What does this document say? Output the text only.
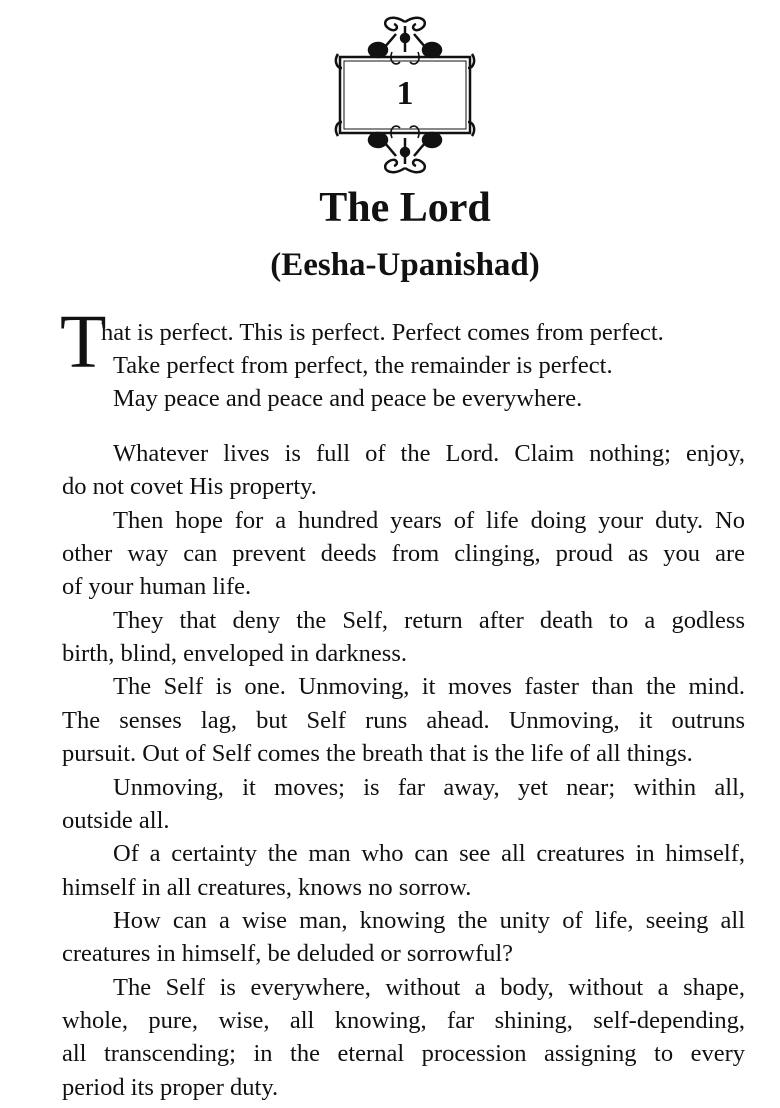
1
The Lord
(Eesha-Upanishad)
T
hat is perfect. This is perfect. Perfect comes from perfect.
Take perfect from perfect, the remainder is perfect.
May peace and peace and peace be everywhere.
Whatever lives is full of the Lord. Claim nothing; enjoy,
do not covet His property.
Then hope for a hundred years of life doing your duty. No
other way can prevent deeds from clinging, proud as you are
of your human life.
They that deny the Self, return after death to a godless
birth, blind, enveloped in darkness.
The Self is one. Unmoving, it moves faster than the mind.
The senses lag, but Self runs ahead. Unmoving, it outruns
pursuit. Out of Self comes the breath that is the life of all things.
Unmoving, it moves; is far away, yet near; within all,
outside all.
Of a certainty the man who can see all creatures in himself,
himself in all creatures, knows no sorrow.
How can a wise man, knowing the unity of life, seeing all
creatures in himself, be deluded or sorrowful?
The Self is everywhere, without a body, without a shape,
whole, pure, wise, all knowing, far shining, self-depending,
all transcending; in the eternal procession assigning to every
period its proper duty.
